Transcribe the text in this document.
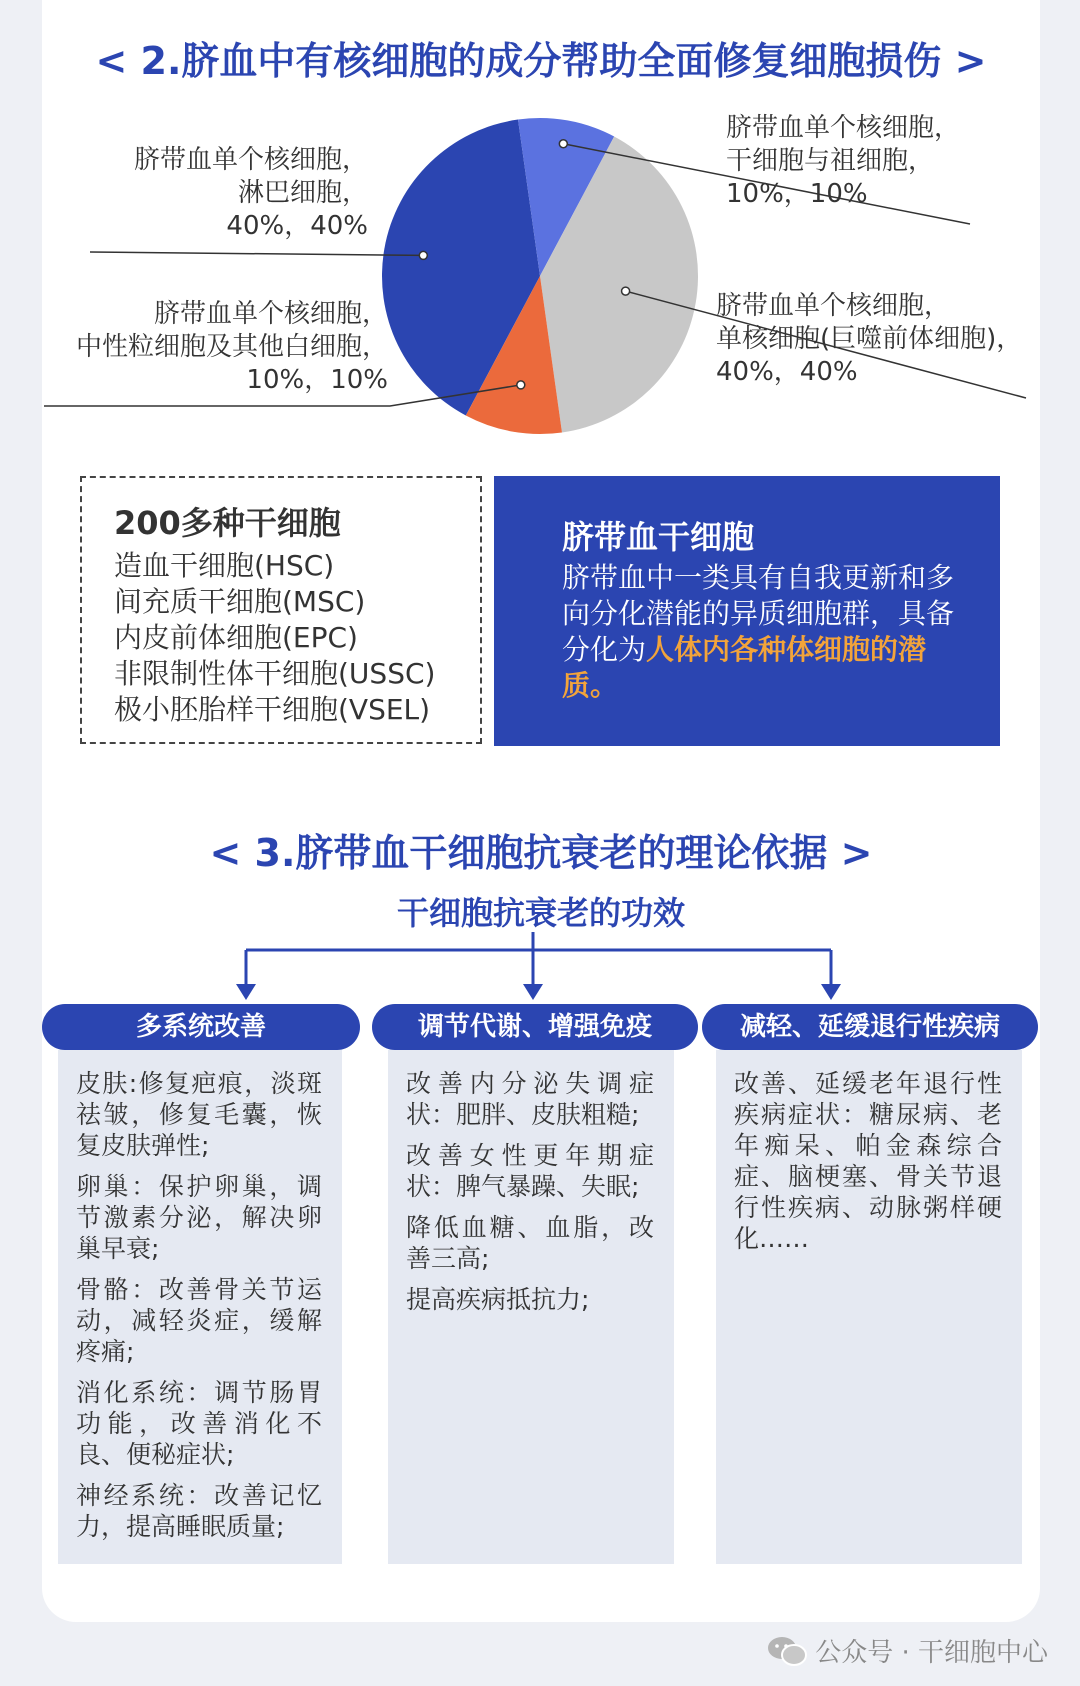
< 2.脐血中有核细胞的成分帮助全面修复细胞损伤 >
脐带血单个核细胞，
淋巴细胞，
40%，40%
脐带血单个核细胞，
干细胞与祖细胞，
10%，10%
脐带血单个核细胞，
单核细胞(巨噬前体细胞)，
40%，40%
脐带血单个核细胞，
中性粒细胞及其他白细胞，
10%，10%
200多种干细胞
造血干细胞(HSC)
间充质干细胞(MSC)
内皮前体细胞(EPC)
非限制性体干细胞(USSC)
极小胚胎样干细胞(VSEL)
脐带血干细胞
脐带血中一类具有自我更新和多向分化潜能的异质细胞群，具备分化为人体内各种体细胞的潜质。
< 3.脐带血干细胞抗衰老的理论依据 >
干细胞抗衰老的功效
多系统改善	调节代谢、增强免疫	减轻、延缓退行性疾病

皮肤:修复疤痕，淡斑祛皱，修复毛囊，恢复皮肤弹性;

卵巢：保护卵巢，调节激素分泌，解决卵巢早衰;

骨骼：改善骨关节运动，减轻炎症，缓解疼痛;

消化系统：调节肠胃功能，改善消化不良、便秘症状;

神经系统：改善记忆力，提高睡眠质量;

改善内分泌失调症状：肥胖、皮肤粗糙;

改善女性更年期症状：脾气暴躁、失眠;

降低血糖、血脂，改善三高;

提高疾病抵抗力;

改善、延缓老年退行性疾病症状：糖尿病、老年痴呆、帕金森综合症、脑梗塞、骨关节退行性疾病、动脉粥样硬化……

公众号 · 干细胞中心
